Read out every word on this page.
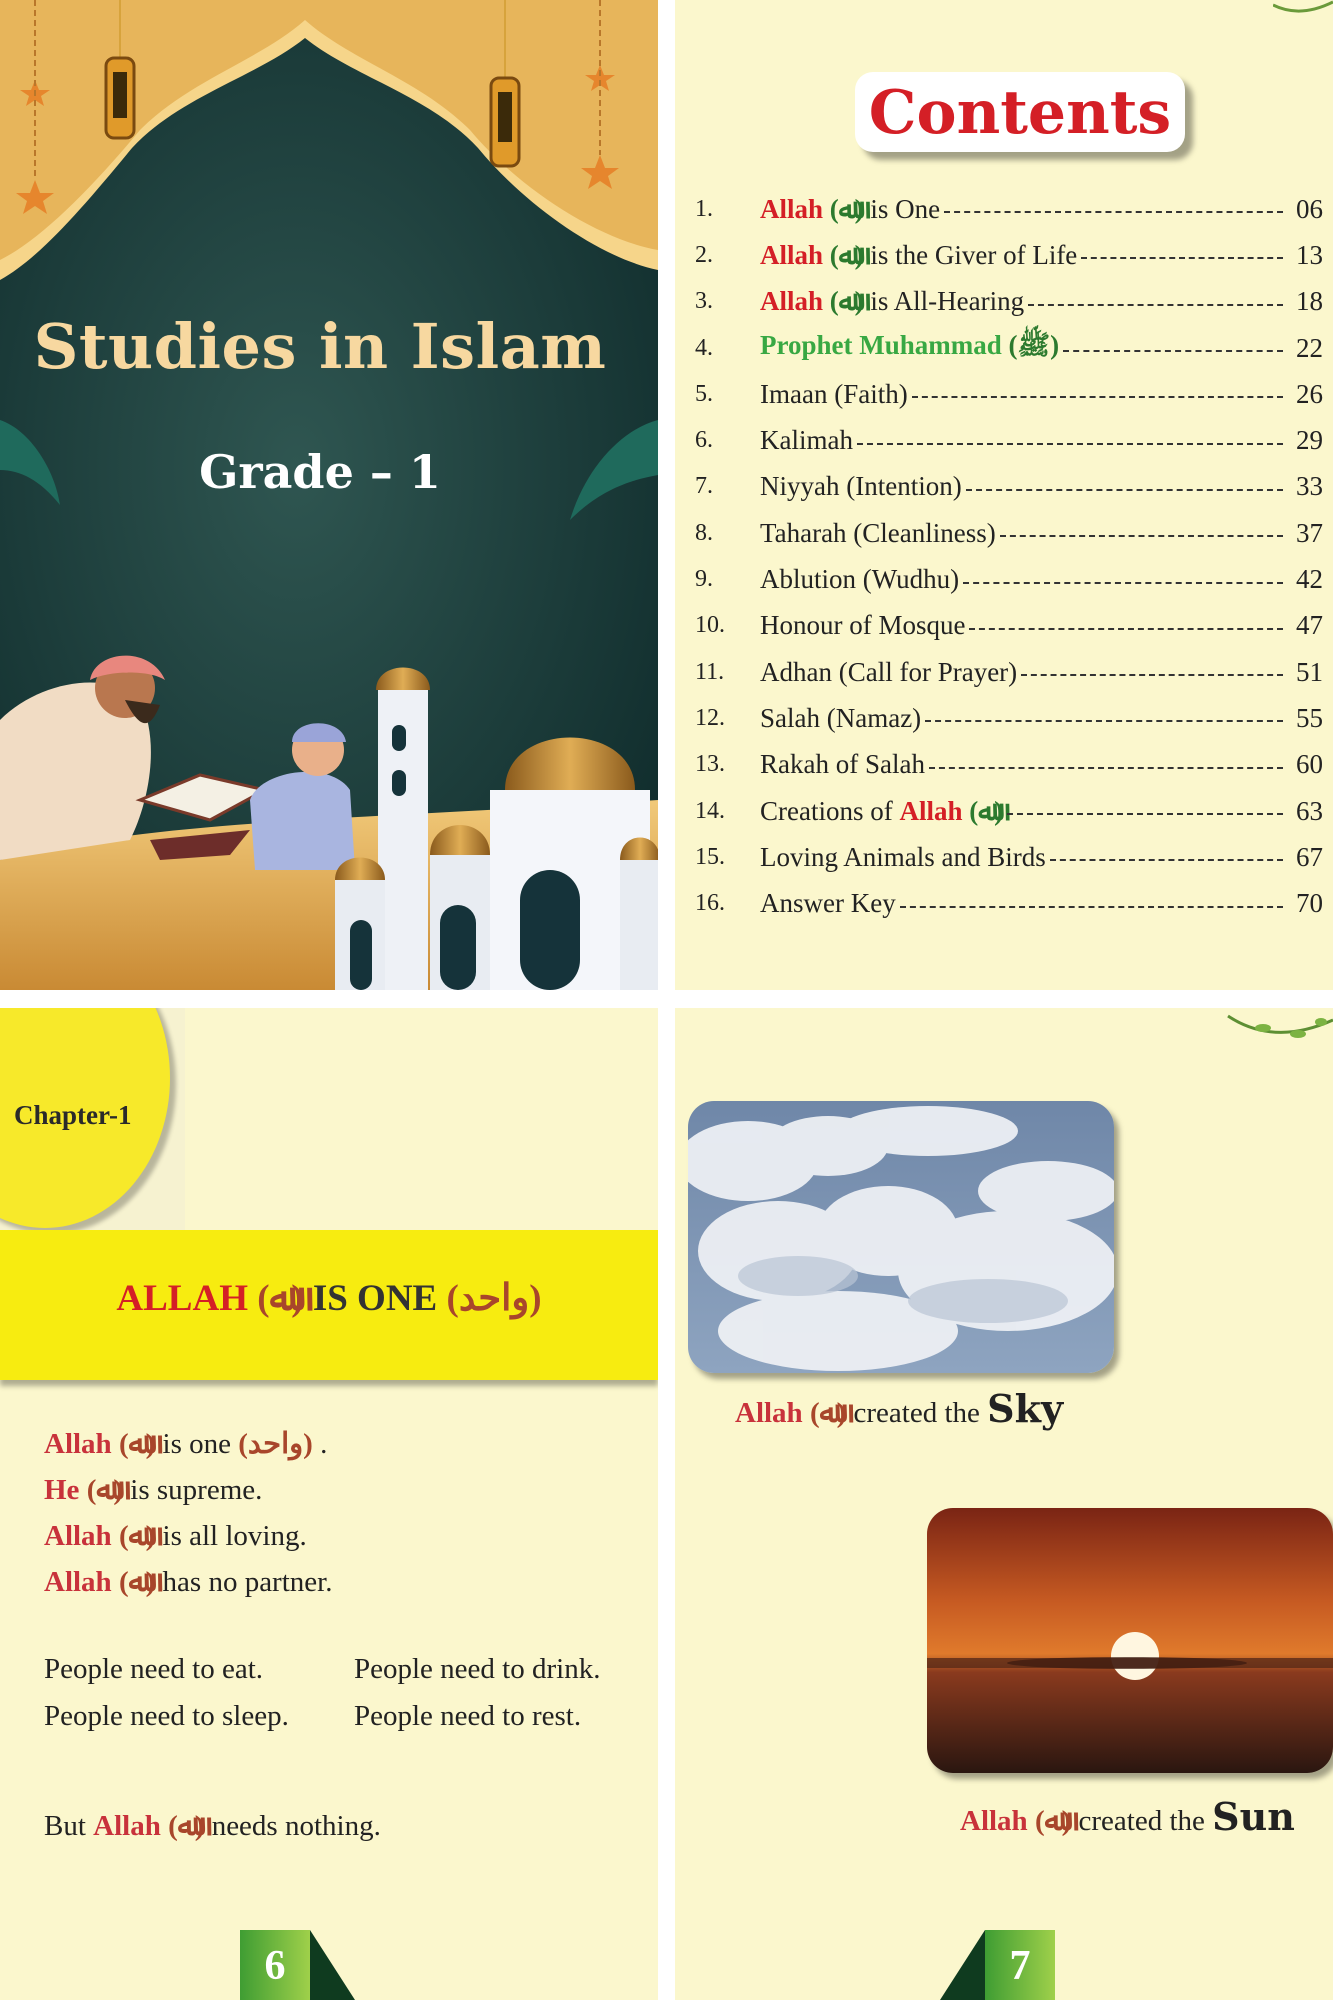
Studies in Islam
Grade – 1
Contents
1.	Allah (ﷲ) is One	06
2.	Allah (ﷲ) is the Giver of Life	13
3.	Allah (ﷲ) is All-Hearing	18
4.	Prophet Muhammad (ﷺ)	22
5.	Imaan (Faith)	26
6.	Kalimah	29
7.	Niyyah (Intention)	33
8.	Taharah (Cleanliness)	37
9.	Ablution (Wudhu)	42
10.	Honour of Mosque	47
11.	Adhan (Call for Prayer)	51
12.	Salah (Namaz)	55
13.	Rakah of Salah	60
14.	Creations of Allah (ﷲ)	63
15.	Loving Animals and Birds	67
16.	Answer Key	70
Chapter-1
ALLAH (ﷲ) IS ONE (واحد)
Allah (ﷲ) is one (واحد) .
He (ﷲ) is supreme.
Allah (ﷲ) is all loving.
Allah (ﷲ) has no partner.
People need to eat.	People need to drink.
People need to sleep.	People need to rest.
But Allah (ﷲ) needs nothing.
6
Allah (ﷲ) created the Sky
Allah (ﷲ) created the Sun
7
